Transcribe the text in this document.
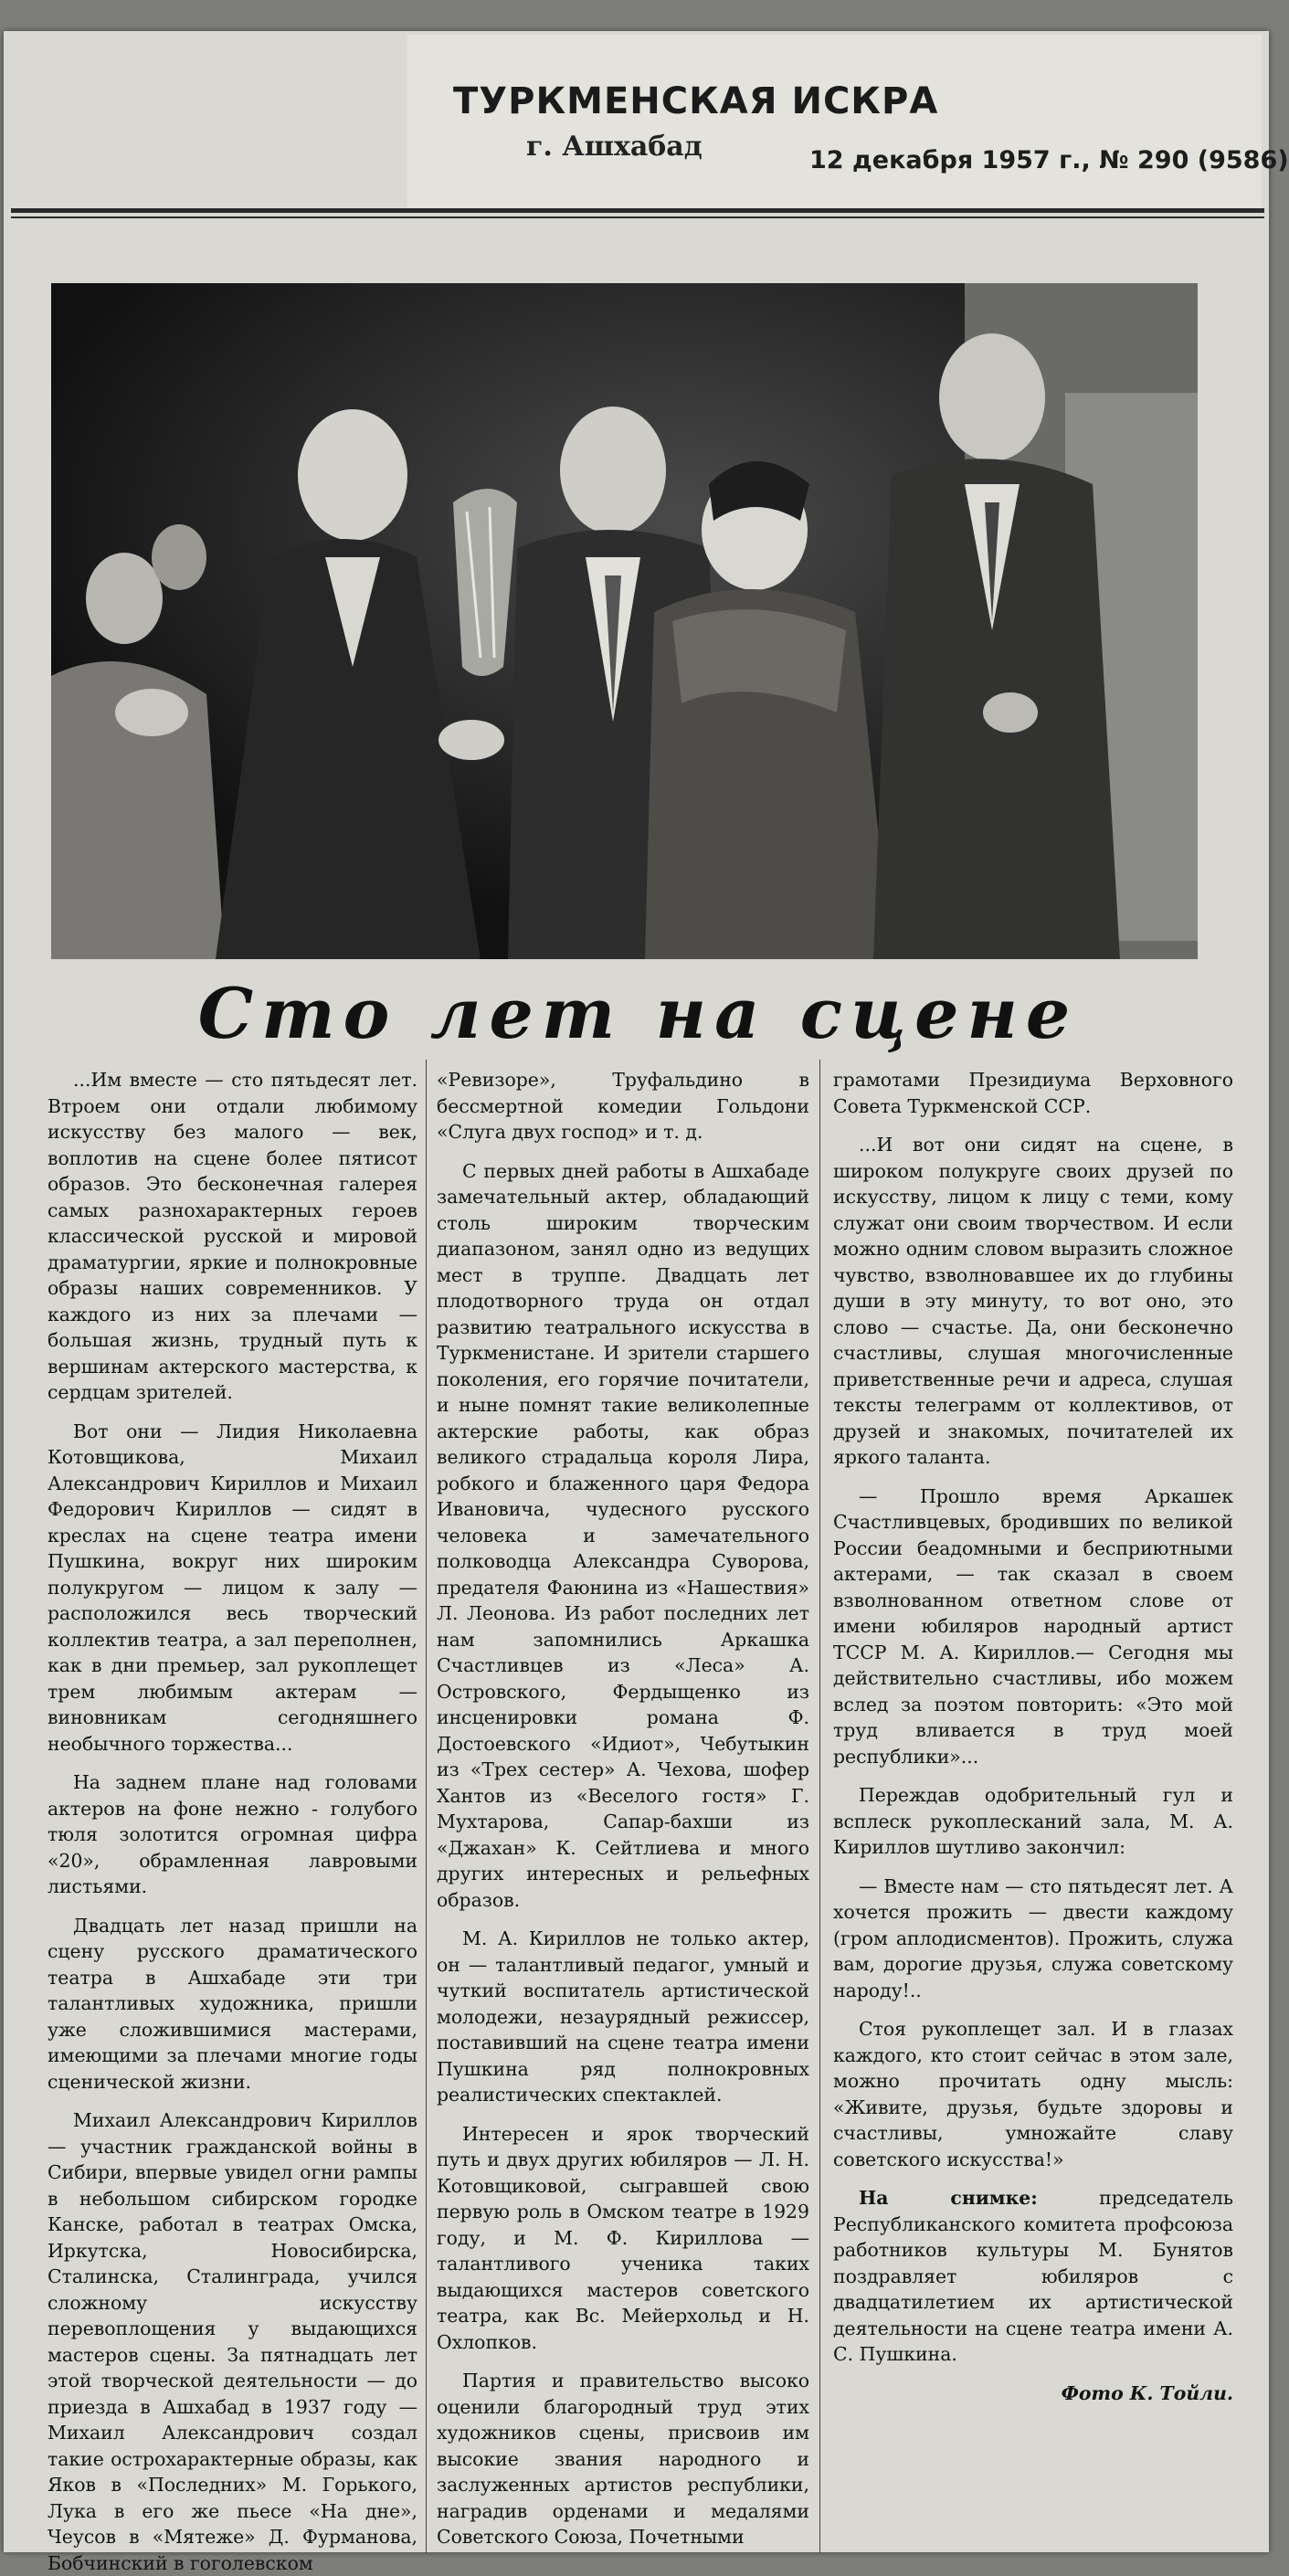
ТУРКМЕНСКАЯ ИСКРА
г. Ашхабад	12 декабря 1957 г., № 290 (9586)
Сто лет на сцене

...Им вместе — сто пятьдесят лет. Втроем они отдали любимому искусству без малого — век, воплотив на сцене более пятисот образов. Это бесконечная галерея самых разнохарактерных героев классической русской и мировой драматургии, яркие и полнокровные образы наших современников. У каждого из них за плечами — большая жизнь, трудный путь к вершинам актерского мастерства, к сердцам зрителей.

Вот они — Лидия Николаевна Котовщикова, Михаил Александрович Кириллов и Михаил Федорович Кириллов — сидят в креслах на сцене театра имени Пушкина, вокруг них широким полукругом — лицом к залу — расположился весь творческий коллектив театра, а зал переполнен, как в дни премьер, зал рукоплещет трем любимым актерам — виновникам сегодняшнего необычного торжества...

На заднем плане над головами актеров на фоне нежно - голубого тюля золотится огромная цифра «20», обрамленная лавровыми листьями.

Двадцать лет назад пришли на сцену русского драматического театра в Ашхабаде эти три талантливых художника, пришли уже сложившимися мастерами, имеющими за плечами многие годы сценической жизни.

Михаил Александрович Кириллов — участник гражданской войны в Сибири, впервые увидел огни рампы в небольшом сибирском городке Канске, работал в театрах Омска, Иркутска, Новосибирска, Сталинска, Сталинграда, учился сложному искусству перевоплощения у выдающихся мастеров сцены. За пятнадцать лет этой творческой деятельности — до приезда в Ашхабад в 1937 году — Михаил Александрович создал такие острохарактерные образы, как Яков в «Последних» М. Горького, Лука в его же пьесе «На дне», Чеусов в «Мятеже» Д. Фурманова, Бобчинский в гоголевском

«Ревизоре», Труфальдино в бессмертной комедии Гольдони «Слуга двух господ» и т. д.

С первых дней работы в Ашхабаде замечательный актер, обладающий столь широким творческим диапазоном, занял одно из ведущих мест в труппе. Двадцать лет плодотворного труда он отдал развитию театрального искусства в Туркменистане. И зрители старшего поколения, его горячие почитатели, и ныне помнят такие великолепные актерские работы, как образ великого страдальца короля Лира, робкого и блаженного царя Федора Ивановича, чудесного русского человека и замечательного полководца Александра Суворова, предателя Фаюнина из «Нашествия» Л. Леонова. Из работ последних лет нам запомнились Аркашка Счастливцев из «Леса» А. Островского, Фердыщенко из инсценировки романа Ф. Достоевского «Идиот», Чебутыкин из «Трех сестер» А. Чехова, шофер Хантов из «Веселого гостя» Г. Мухтарова, Сапар-бахши из «Джахан» К. Сейтлиева и много других интересных и рельефных образов.

М. А. Кириллов не только актер, он — талантливый педагог, умный и чуткий воспитатель артистической молодежи, незаурядный режиссер, поставивший на сцене театра имени Пушкина ряд полнокровных реалистических спектаклей.

Интересен и ярок творческий путь и двух других юбиляров — Л. Н. Котовщиковой, сыгравшей свою первую роль в Омском театре в 1929 году, и М. Ф. Кириллова — талантливого ученика таких выдающихся мастеров советского театра, как Вс. Мейерхольд и Н. Охлопков.

Партия и правительство высоко оценили благородный труд этих художников сцены, присвоив им высокие звания народного и заслуженных артистов республики, наградив орденами и медалями Советского Союза, Почетными

грамотами Президиума Верховного Совета Туркменской ССР.

...И вот они сидят на сцене, в широком полукруге своих друзей по искусству, лицом к лицу с теми, кому служат они своим творчеством. И если можно одним словом выразить сложное чувство, взволновавшее их до глубины души в эту минуту, то вот оно, это слово — счастье. Да, они бесконечно счастливы, слушая многочисленные приветственные речи и адреса, слушая тексты телеграмм от коллективов, от друзей и знакомых, почитателей их яркого таланта.

— Прошло время Аркашек Счастливцевых, бродивших по великой России беадомными и бесприютными актерами, — так сказал в своем взволнованном ответном слове от имени юбиляров народный артист ТССР М. А. Кириллов.— Сегодня мы действительно счастливы, ибо можем вслед за поэтом повторить: «Это мой труд вливается в труд моей республики»...

Переждав одобрительный гул и всплеск рукоплесканий зала, М. А. Кириллов шутливо закончил:

— Вместе нам — сто пятьдесят лет. А хочется прожить — двести каждому (гром аплодисментов). Прожить, служа вам, дорогие друзья, служа советскому народу!..

Стоя рукоплещет зал. И в глазах каждого, кто стоит сейчас в этом зале, можно прочитать одну мысль: «Живите, друзья, будьте здоровы и счастливы, умножайте славу советского искусства!»

На снимке:	председатель Республиканского комитета профсоюза работников культуры М. Бунятов поздравляет юбиляров с двадцатилетием их артистической деятельности на сцене театра имени А. С. Пушкина.

Фото К. Тойли.
